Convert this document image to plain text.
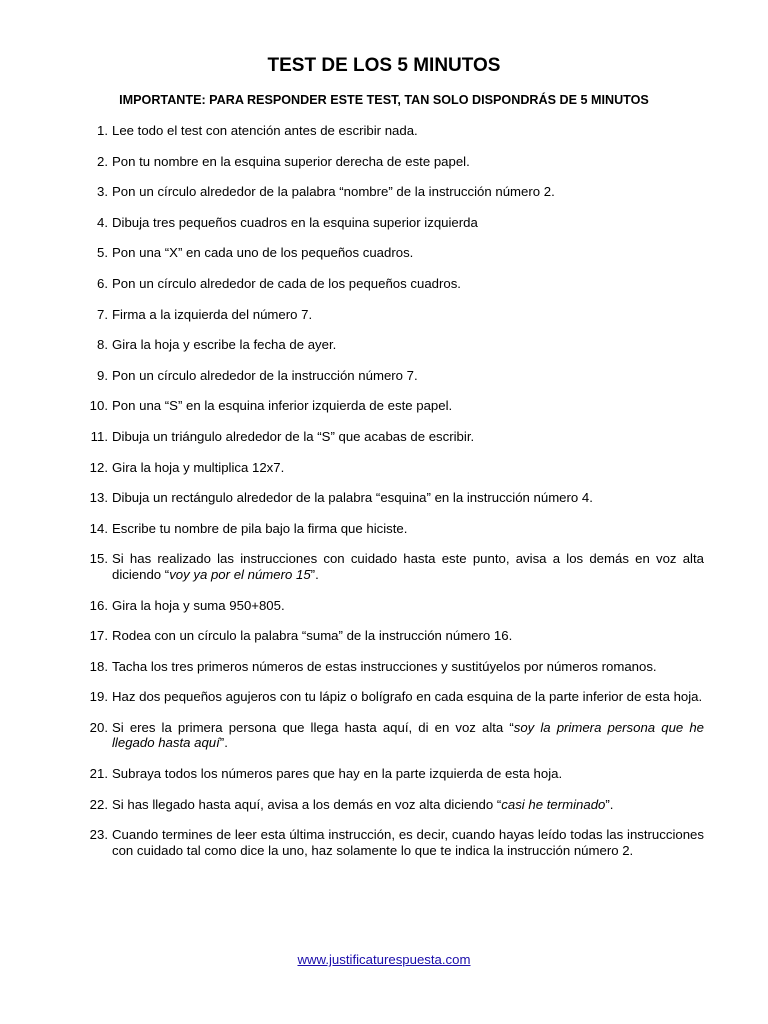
TEST DE LOS 5 MINUTOS
IMPORTANTE: PARA RESPONDER ESTE TEST, TAN SOLO DISPONDRÁS DE 5 MINUTOS
1. Lee todo el test con atención antes de escribir nada.
2. Pon tu nombre en la esquina superior derecha de este papel.
3. Pon un círculo alrededor de la palabra “nombre” de la instrucción número 2.
4. Dibuja tres pequeños cuadros en la esquina superior izquierda
5. Pon una “X” en cada uno de los pequeños cuadros.
6. Pon un círculo alrededor de cada de los pequeños cuadros.
7. Firma a la izquierda del número 7.
8. Gira la hoja y escribe la fecha de ayer.
9. Pon un círculo alrededor de la instrucción número 7.
10. Pon una “S” en la esquina inferior izquierda de este papel.
11. Dibuja un triángulo alrededor de la “S” que acabas de escribir.
12. Gira la hoja y multiplica 12x7.
13. Dibuja un rectángulo alrededor de la palabra “esquina” en la instrucción número 4.
14. Escribe tu nombre de pila bajo la firma que hiciste.
15. Si has realizado las instrucciones con cuidado hasta este punto, avisa a los demás en voz alta diciendo “voy ya por el número 15”.
16. Gira la hoja y suma 950+805.
17. Rodea con un círculo la palabra “suma” de la instrucción número 16.
18. Tacha los tres primeros números de estas instrucciones y sustitúyelos por números romanos.
19. Haz dos pequeños agujeros con tu lápiz o bolígrafo en cada esquina de la parte inferior de esta hoja.
20. Si eres la primera persona que llega hasta aquí, di en voz alta “soy la primera persona que he llegado hasta aquí”.
21. Subraya todos los números pares que hay en la parte izquierda de esta hoja.
22. Si has llegado hasta aquí, avisa a los demás en voz alta diciendo “casi he terminado”.
23. Cuando termines de leer esta última instrucción, es decir, cuando hayas leído todas las instrucciones con cuidado tal como dice la uno, haz solamente lo que te indica la instrucción número 2.
www.justificaturespuesta.com
